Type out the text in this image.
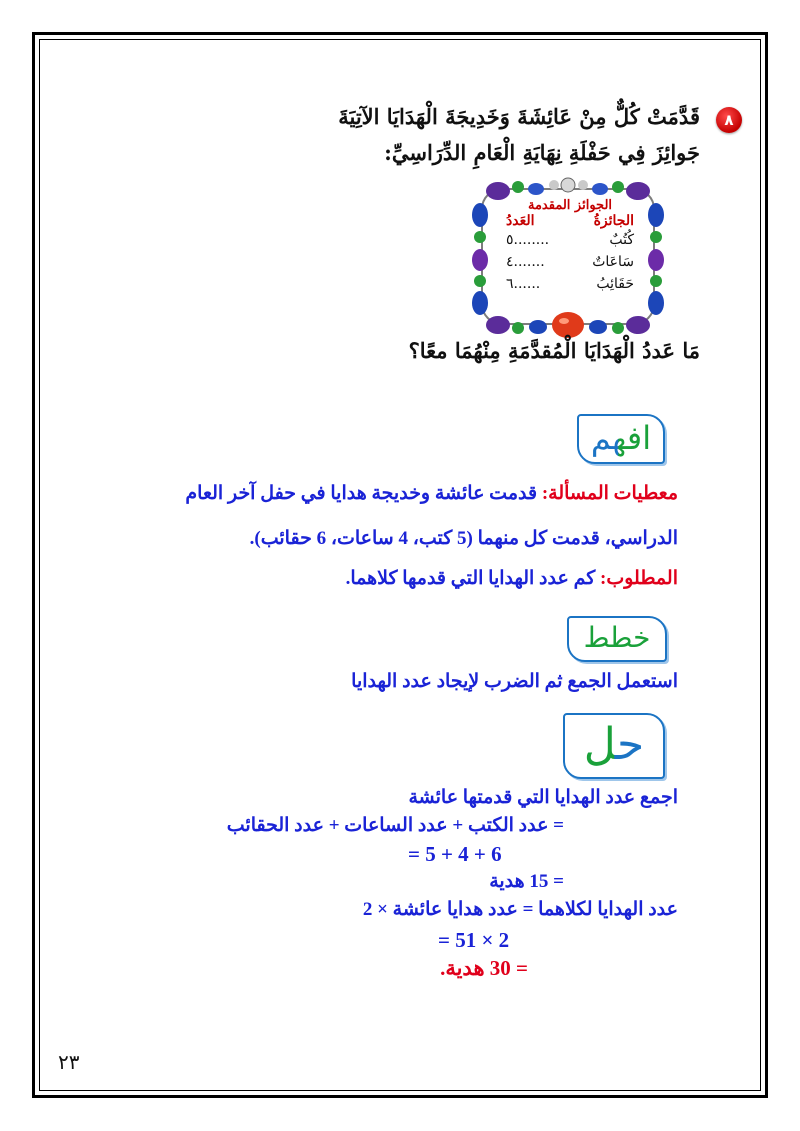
٨
قَدَّمَتْ كُلٌّ مِنْ عَائِشَةَ وَخَدِيجَةَ الْهَدَايَا الآتِيَةَ
جَوائِزَ فِي حَفْلَةِ نِهَايَةِ الْعَامِ الدِّرَاسِيِّ:
الجوائز المقدمة
الجائزةُ
العَددُ
كُتُبٌ
........٥
سَاعَاتٌ
.......٤
حَقَائِبُ
......٦
مَا عَددُ الْهَدَايَا الْمُقدَّمَةِ مِنْهُمَا معًا؟
افهم
معطيات المسألة: قدمت عائشة وخديجة هدايا في حفل آخر العام
الدراسي، قدمت كل منهما (5 كتب، 4 ساعات، 6 حقائب).
المطلوب: كم عدد الهدايا التي قدمها كلاهما.
خطط
استعمل الجمع ثم الضرب لإيجاد عدد الهدايا
حل
اجمع عدد الهدايا التي قدمتها عائشة
= عدد الكتب + عدد الساعات + عدد الحقائب
6 + 4 + 5 =
= 15 هدية
عدد الهدايا لكلاهما = عدد هدايا عائشة × 2
2 × 15 =
= 30 هدية.
٢٣
